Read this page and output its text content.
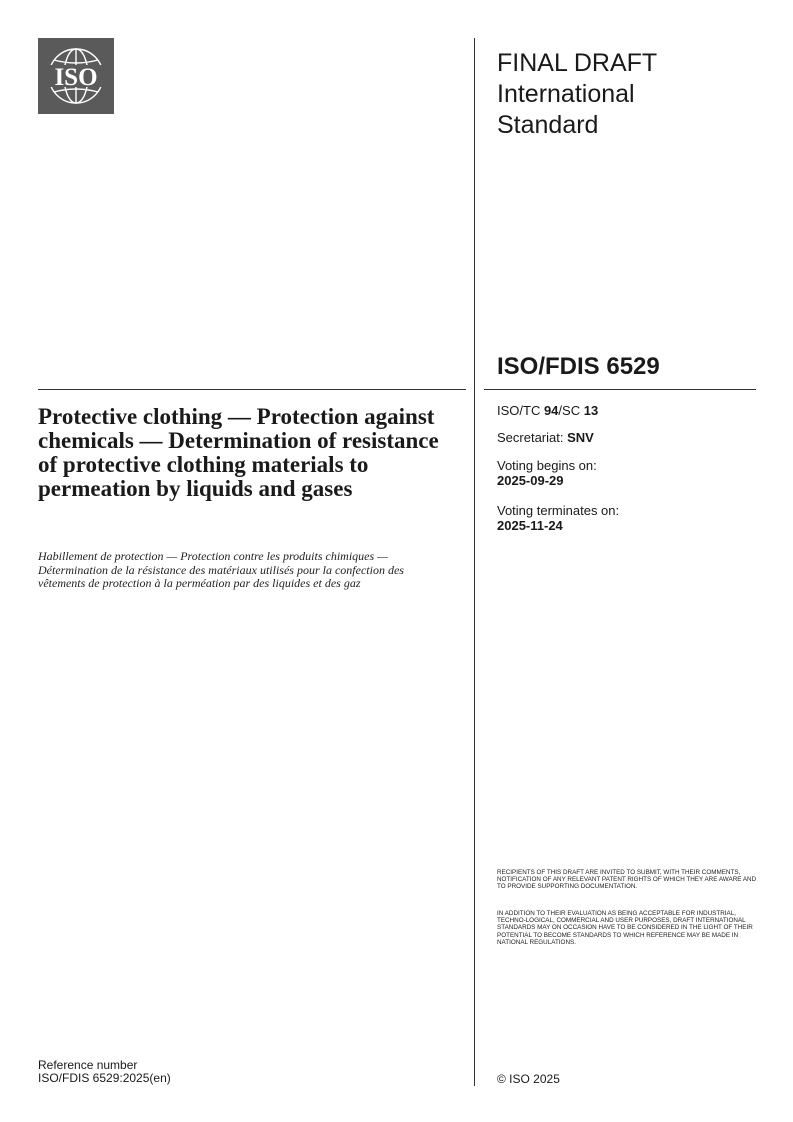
ISO
FINAL DRAFT
International
Standard
ISO/FDIS 6529
Protective clothing — Protection against chemicals — Determination of resistance of protective clothing materials to permeation by liquids and gases
Habillement de protection — Protection contre les produits chimiques — Détermination de la résistance des matériaux utilisés pour la confection des vêtements de protection à la perméation par des liquides et des gaz
ISO/TC 94/SC 13
Secretariat: SNV
Voting begins on:
2025-09-29
Voting terminates on:
2025-11-24
RECIPIENTS OF THIS DRAFT ARE INVITED TO SUBMIT, WITH THEIR COMMENTS, NOTIFICATION OF ANY RELEVANT PATENT RIGHTS OF WHICH THEY ARE AWARE AND TO PROVIDE SUPPORTING DOCUMENTATION.
IN ADDITION TO THEIR EVALUATION AS BEING ACCEPTABLE FOR INDUSTRIAL, TECHNO-LOGICAL, COMMERCIAL AND USER PURPOSES, DRAFT INTERNATIONAL STANDARDS MAY ON OCCASION HAVE TO BE CONSIDERED IN THE LIGHT OF THEIR POTENTIAL TO BECOME STANDARDS TO WHICH REFERENCE MAY BE MADE IN NATIONAL REGULATIONS.
Reference number
ISO/FDIS 6529:2025(en)	© ISO 2025
